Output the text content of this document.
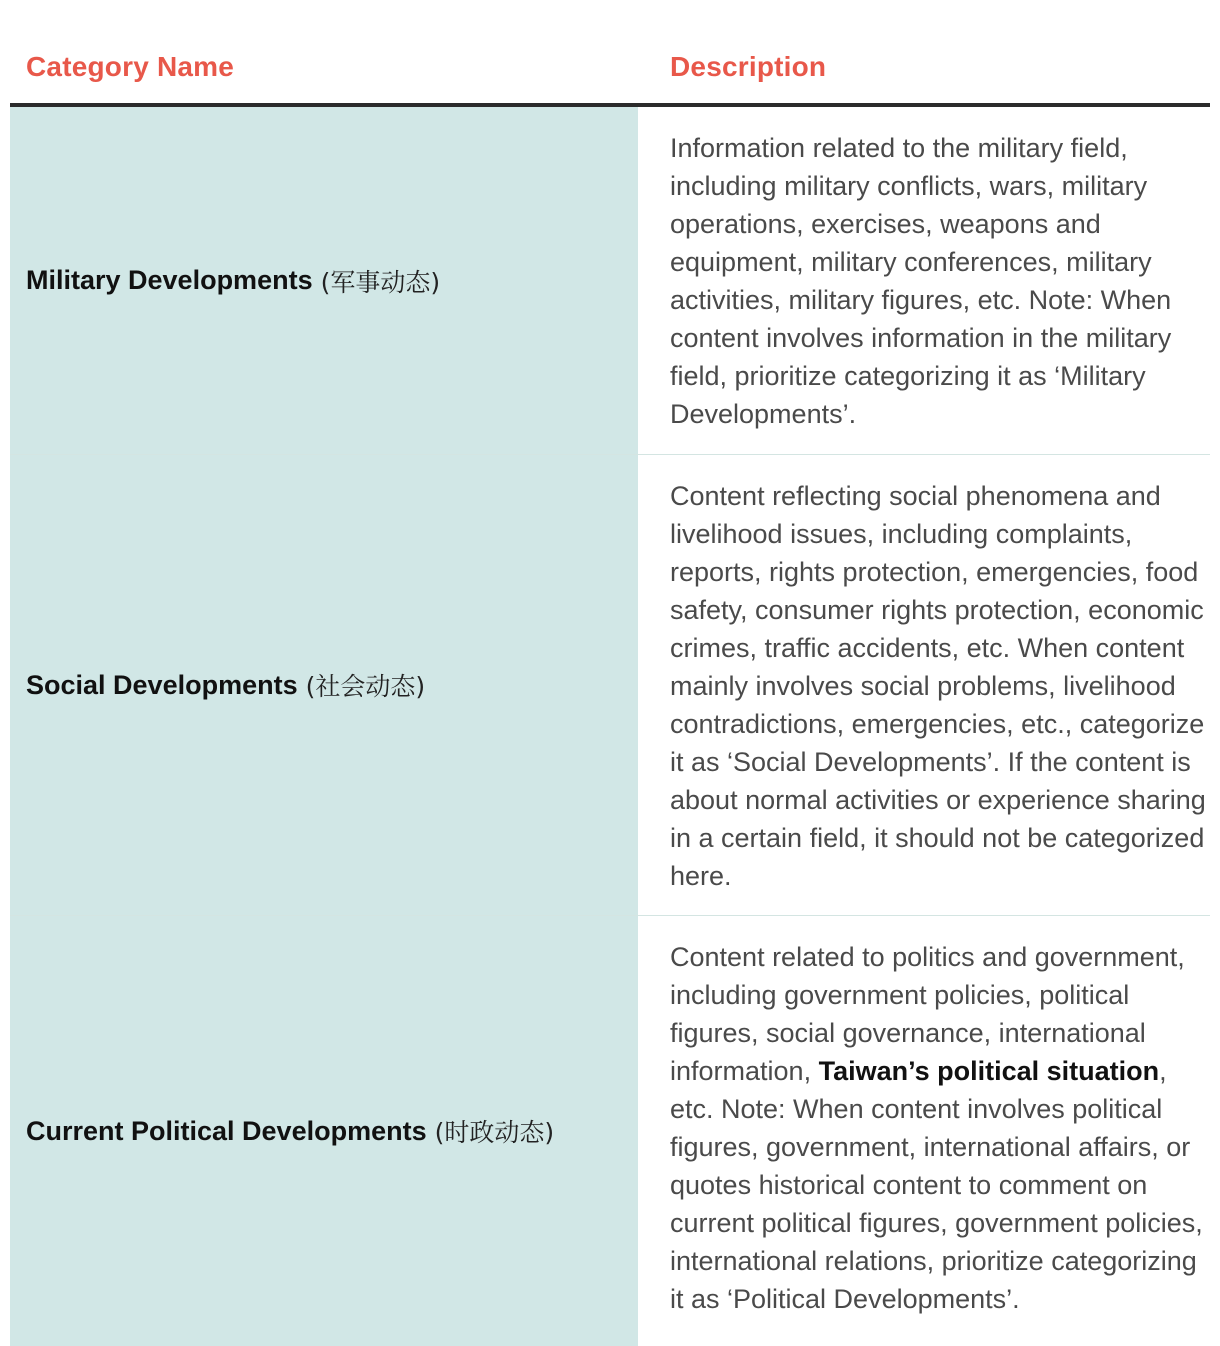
Category Name	Description
Military Developments (军事动态)
Information related to the military field, including military conflicts, wars, military operations, exercises, weapons and equipment, military conferences, military activities, military figures, etc. Note: When content involves information in the military field, prioritize categorizing it as ‘Military Developments’.
Social Developments (社会动态)
Content reflecting social phenomena and livelihood issues, including complaints, reports, rights protection, emergencies, food safety, consumer rights protection, economic crimes, traffic accidents, etc. When content mainly involves social problems, livelihood contradictions, emergencies, etc., categorize it as ‘Social Developments’. If the content is about normal activities or experience sharing in a certain field, it should not be categorized here.
Current Political Developments (时政动态)
Content related to politics and government, including government policies, political figures, social governance, international information, Taiwan’s political situation, etc. Note: When content involves political figures, government, international affairs, or quotes historical content to comment on current political figures, government policies, international relations, prioritize categorizing it as ‘Political Developments’.
